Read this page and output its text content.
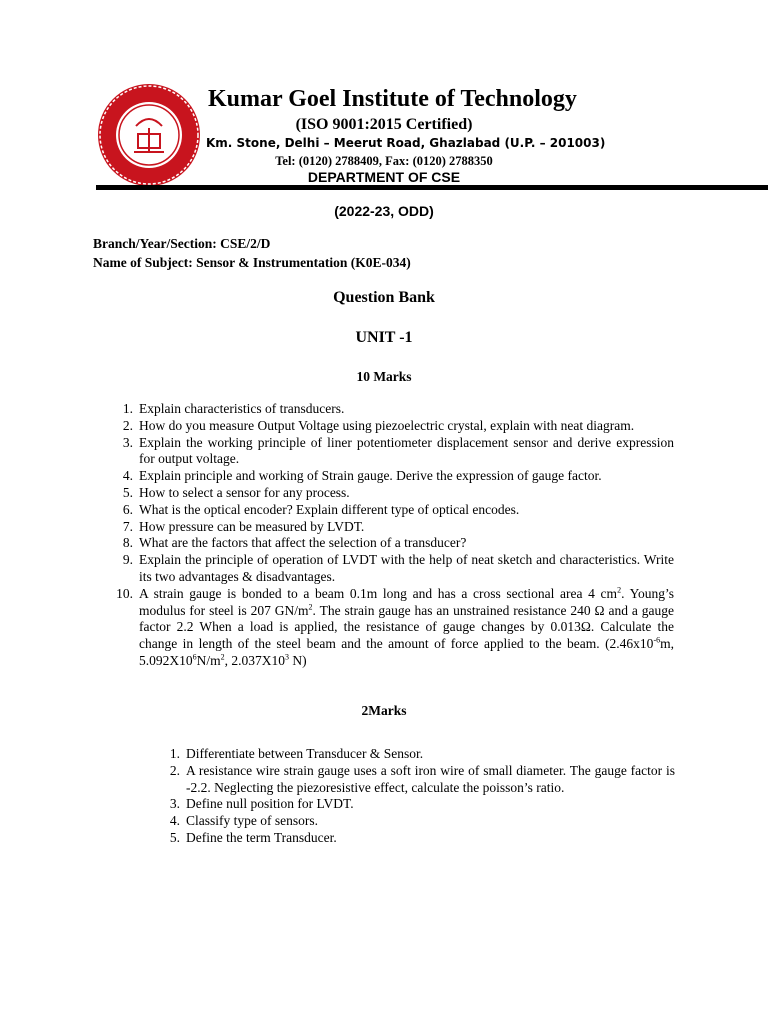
Kumar Goel Institute of Technology
(ISO 9001:2015 Certified)
Km. Stone, Delhi – Meerut Road, Ghazlabad (U.P. – 201003)
Tel: (0120) 2788409, Fax: (0120) 2788350
DEPARTMENT OF CSE
(2022-23, ODD)
Branch/Year/Section: CSE/2/D
Name of Subject: Sensor & Instrumentation (K0E-034)
Question Bank
UNIT -1
10 Marks
1. Explain characteristics of transducers.
2. How do you measure Output Voltage using piezoelectric crystal, explain with neat diagram.
3. Explain the working principle of liner potentiometer displacement sensor and derive expression for output voltage.
4. Explain principle and working of Strain gauge. Derive the expression of gauge factor.
5. How to select a sensor for any process.
6. What is the optical encoder? Explain different type of optical encodes.
7. How pressure can be measured by LVDT.
8. What are the factors that affect the selection of a transducer?
9. Explain the principle of operation of LVDT with the help of neat sketch and characteristics. Write its two advantages & disadvantages.
10. A strain gauge is bonded to a beam 0.1m long and has a cross sectional area 4 $cm^2$. Young’s modulus for steel is 207 $GN/m^2$. The strain gauge has an unstrained resistance 240 Ω and a gauge factor 2.2 When a load is applied, the resistance of gauge changes by 0.013Ω. Calculate the change in length of the steel beam and the amount of force applied to the beam. ($2.46x10^{-6}m$, $5.092X10^6N/m^2$, $2.037X10^3$ N)
2Marks
1. Differentiate between Transducer & Sensor.
2. A resistance wire strain gauge uses a soft iron wire of small diameter. The gauge factor is -2.2. Neglecting the piezoresistive effect, calculate the poisson’s ratio.
3. Define null position for LVDT.
4. Classify type of sensors.
5. Define the term Transducer.
